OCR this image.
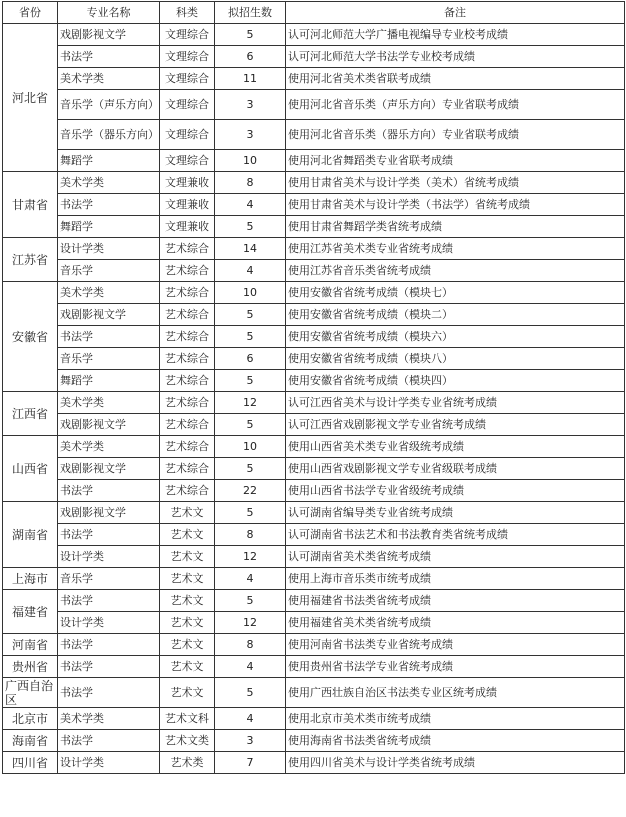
省份	专业名称	科类	拟招生数	备注
河北省	戏剧影视文学	文理综合	5	认可河北师范大学广播电视编导专业校考成绩
	书法学	文理综合	6	认可河北师范大学书法学专业校考成绩
	美术学类	文理综合	11	使用河北省美术类省联考成绩
	音乐学（声乐方向）	文理综合	3	使用河北省音乐类（声乐方向）专业省联考成绩
	音乐学（器乐方向）	文理综合	3	使用河北省音乐类（器乐方向）专业省联考成绩
	舞蹈学	文理综合	10	使用河北省舞蹈类专业省联考成绩
甘肃省	美术学类	文理兼收	8	使用甘肃省美术与设计学类（美术）省统考成绩
	书法学	文理兼收	4	使用甘肃省美术与设计学类（书法学）省统考成绩
	舞蹈学	文理兼收	5	使用甘肃省舞蹈学类省统考成绩
江苏省	设计学类	艺术综合	14	使用江苏省美术类专业省统考成绩
	音乐学	艺术综合	4	使用江苏省音乐类省统考成绩
安徽省	美术学类	艺术综合	10	使用安徽省省统考成绩（模块七）
	戏剧影视文学	艺术综合	5	使用安徽省省统考成绩（模块二）
	书法学	艺术综合	5	使用安徽省省统考成绩（模块六）
	音乐学	艺术综合	6	使用安徽省省统考成绩（模块八）
	舞蹈学	艺术综合	5	使用安徽省省统考成绩（模块四）
江西省	美术学类	艺术综合	12	认可江西省美术与设计学类专业省统考成绩
	戏剧影视文学	艺术综合	5	认可江西省戏剧影视文学专业省统考成绩
山西省	美术学类	艺术综合	10	使用山西省美术类专业省级统考成绩
	戏剧影视文学	艺术综合	5	使用山西省戏剧影视文学专业省级联考成绩
	书法学	艺术综合	22	使用山西省书法学专业省级统考成绩
湖南省	戏剧影视文学	艺术文	5	认可湖南省编导类专业省统考成绩
	书法学	艺术文	8	认可湖南省书法艺术和书法教育类省统考成绩
	设计学类	艺术文	12	认可湖南省美术类省统考成绩
上海市	音乐学	艺术文	4	使用上海市音乐类市统考成绩
福建省	书法学	艺术文	5	使用福建省书法类省统考成绩
	设计学类	艺术文	12	使用福建省美术类省统考成绩
河南省	书法学	艺术文	8	使用河南省书法类专业省统考成绩
贵州省	书法学	艺术文	4	使用贵州省书法学专业省统考成绩
广西自治区	书法学	艺术文	5	使用广西壮族自治区书法类专业区统考成绩
北京市	美术学类	艺术文科	4	使用北京市美术类市统考成绩
海南省	书法学	艺术文类	3	使用海南省书法类省统考成绩
四川省	设计学类	艺术类	7	使用四川省美术与设计学类省统考成绩
